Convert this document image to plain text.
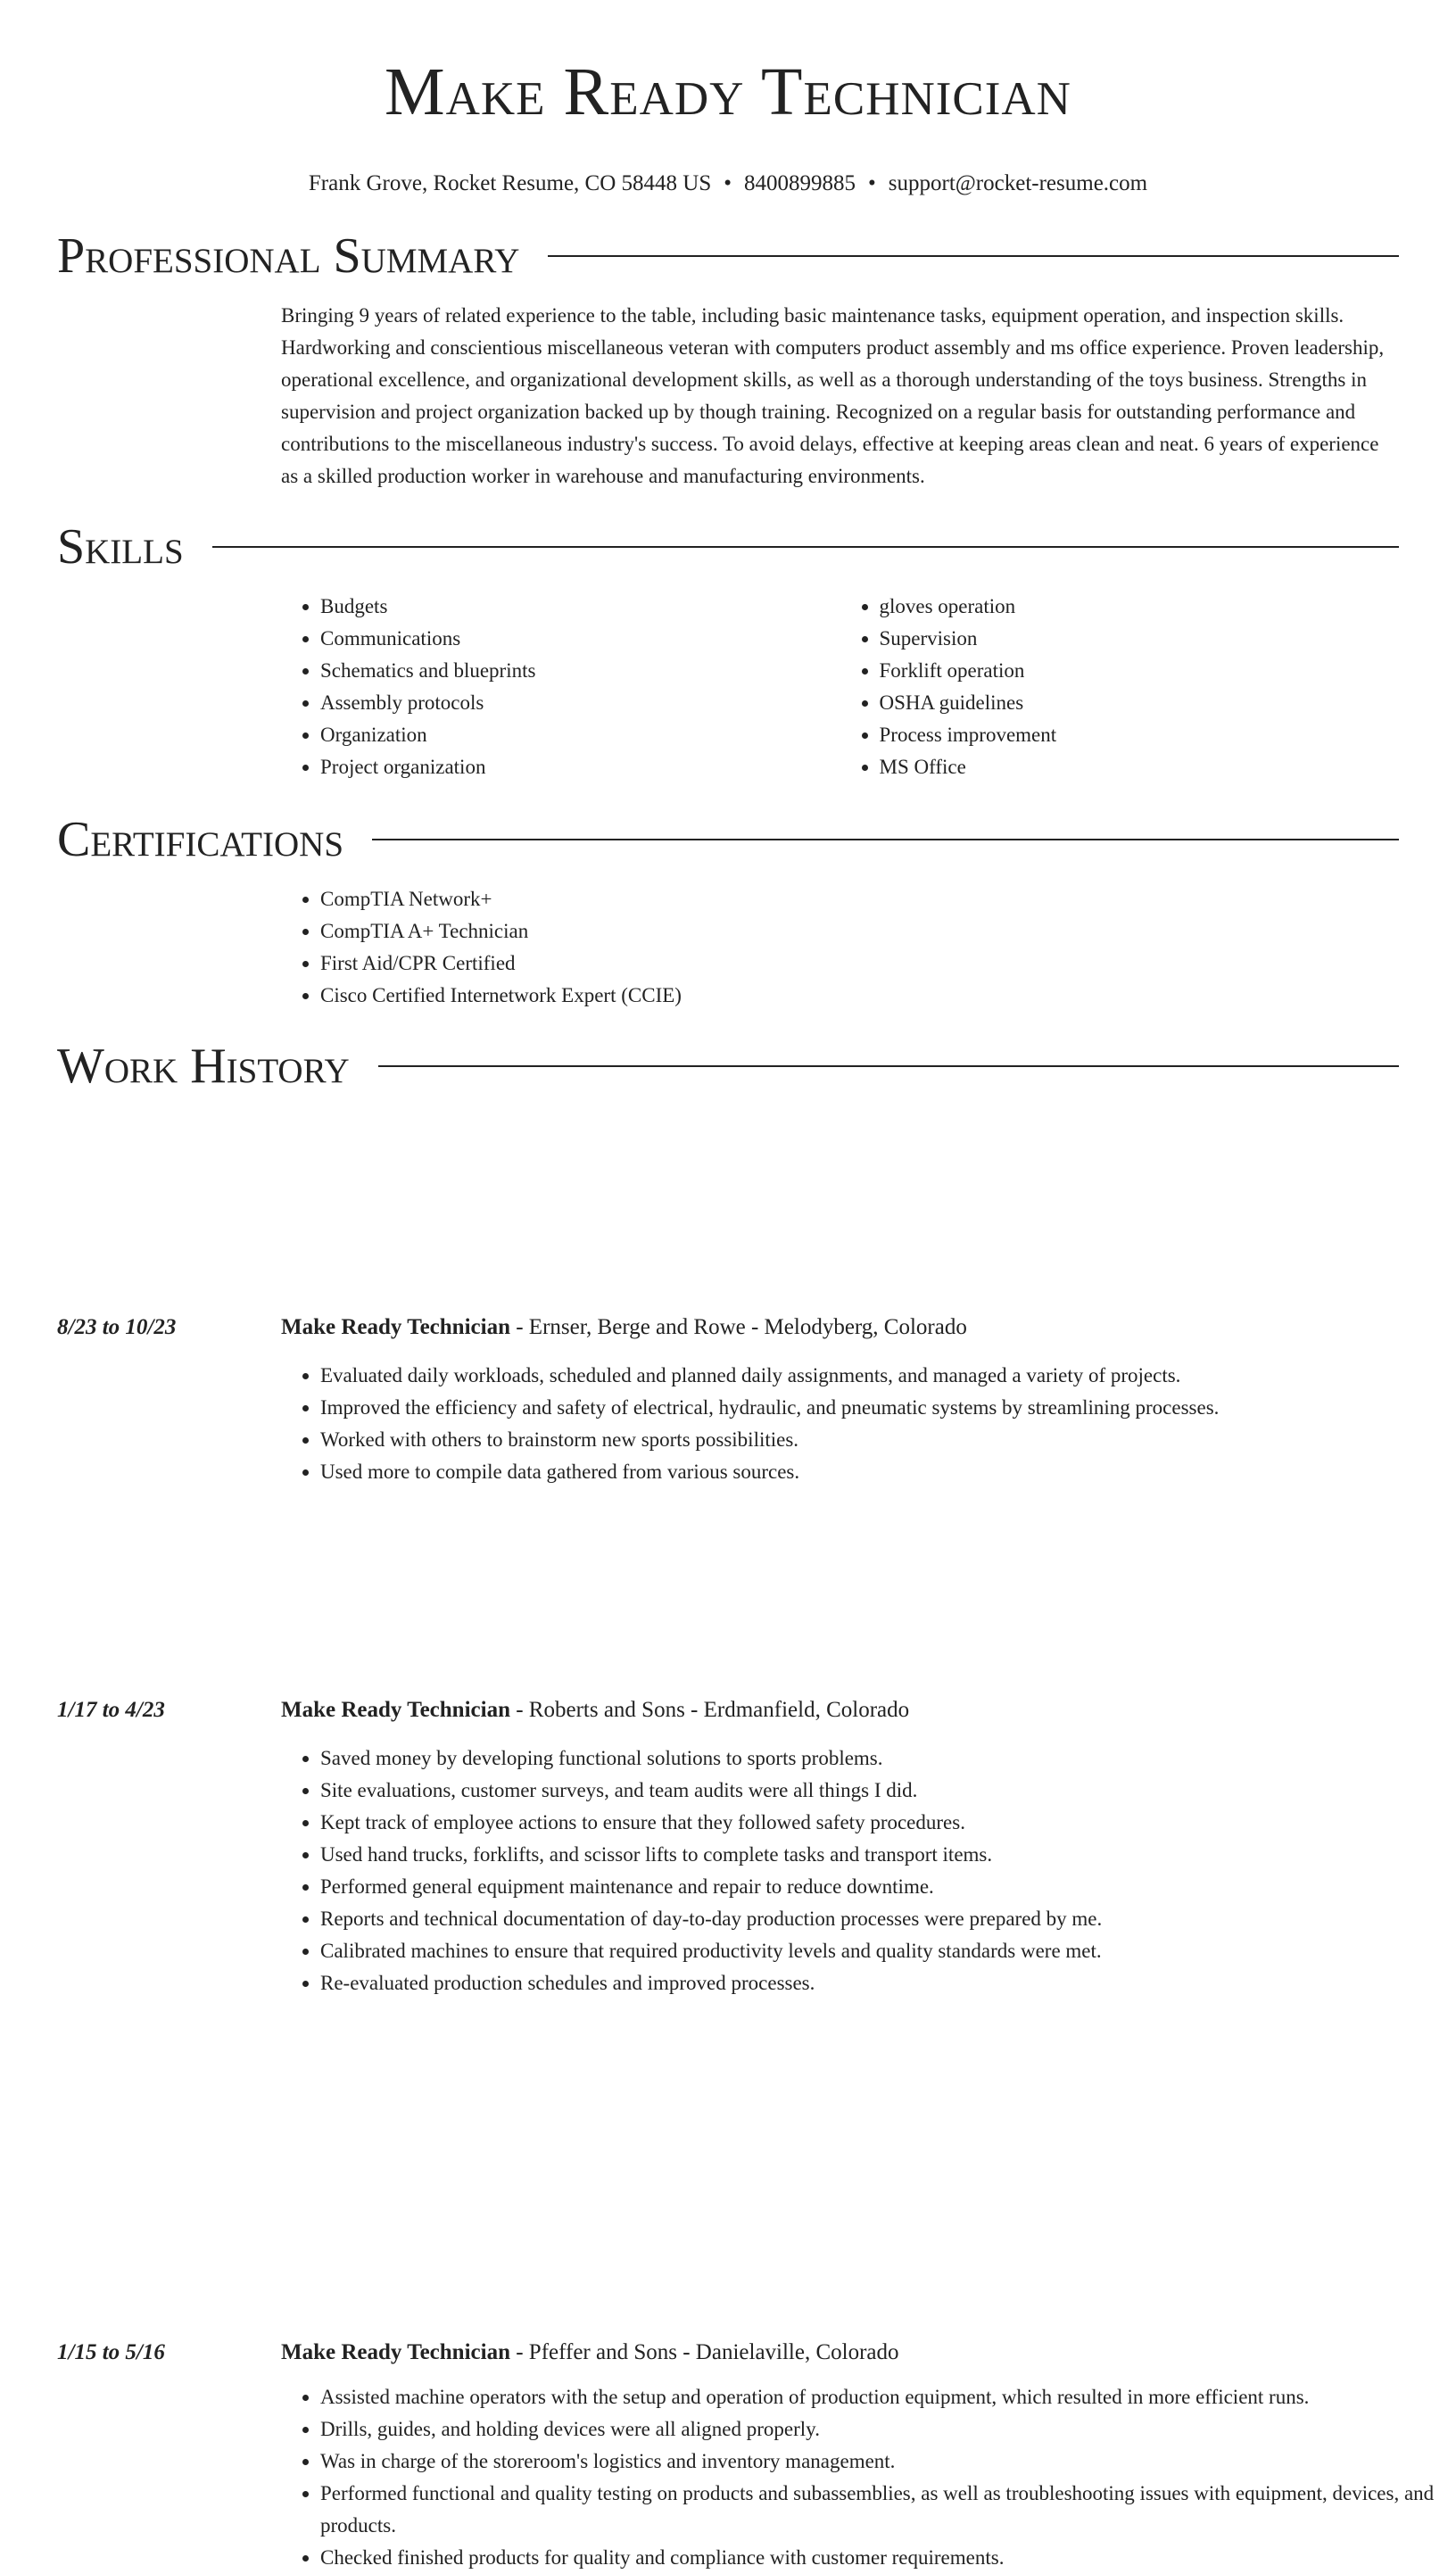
Make Ready Technician
Frank Grove, Rocket Resume, CO 58448 US • 8400899885 • support@rocket-resume.com
Professional Summary

Bringing 9 years of related experience to the table, including basic maintenance tasks, equipment operation, and inspection skills. Hardworking and conscientious miscellaneous veteran with computers product assembly and ms office experience. Proven leadership, operational excellence, and organizational development skills, as well as a thorough understanding of the toys business. Strengths in supervision and project organization backed up by though training. Recognized on a regular basis for outstanding performance and contributions to the miscellaneous industry's success. To avoid delays, effective at keeping areas clean and neat. 6 years of experience as a skilled production worker in warehouse and manufacturing environments.

Skills
• Budgets
• Communications
• Schematics and blueprints
• Assembly protocols
• Organization
• Project organization
• gloves operation
• Supervision
• Forklift operation
• OSHA guidelines
• Process improvement
• MS Office
Certifications
• CompTIA Network+
• CompTIA A+ Technician
• First Aid/CPR Certified
• Cisco Certified Internetwork Expert (CCIE)
Work History
8/23 to 10/23	Make Ready Technician - Ernser, Berge and Rowe - Melodyberg, Colorado
• Evaluated daily workloads, scheduled and planned daily assignments, and managed a variety of projects.
• Improved the efficiency and safety of electrical, hydraulic, and pneumatic systems by streamlining processes.
• Worked with others to brainstorm new sports possibilities.
• Used more to compile data gathered from various sources.
1/17 to 4/23	Make Ready Technician - Roberts and Sons - Erdmanfield, Colorado
• Saved money by developing functional solutions to sports problems.
• Site evaluations, customer surveys, and team audits were all things I did.
• Kept track of employee actions to ensure that they followed safety procedures.
• Used hand trucks, forklifts, and scissor lifts to complete tasks and transport items.
• Performed general equipment maintenance and repair to reduce downtime.
• Reports and technical documentation of day-to-day production processes were prepared by me.
• Calibrated machines to ensure that required productivity levels and quality standards were met.
• Re-evaluated production schedules and improved processes.
1/15 to 5/16	Make Ready Technician - Pfeffer and Sons - Danielaville, Colorado
• Assisted machine operators with the setup and operation of production equipment, which resulted in more efficient runs.
• Drills, guides, and holding devices were all aligned properly.
• Was in charge of the storeroom's logistics and inventory management.
• Performed functional and quality testing on products and subassemblies, as well as troubleshooting issues with equipment, devices, and products.
• Checked finished products for quality and compliance with customer requirements.
